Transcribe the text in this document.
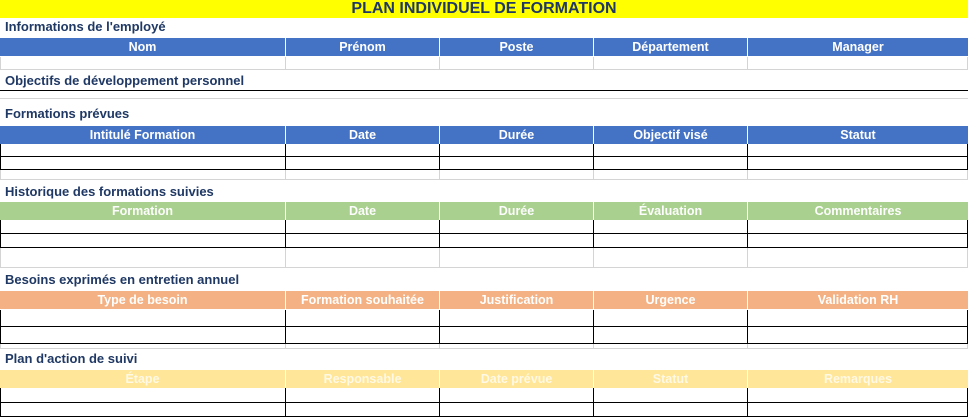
PLAN INDIVIDUEL DE FORMATION
Informations de l'employé
Nom	Prénom	Poste	Département	Manager
Objectifs de développement personnel
Formations prévues
Intitulé Formation	Date	Durée	Objectif visé	Statut
Historique des formations suivies
Formation	Date	Durée	Évaluation	Commentaires
Besoins exprimés en entretien annuel
Type de besoin	Formation souhaitée	Justification	Urgence	Validation RH
Plan d'action de suivi
Étape	Responsable	Date prévue	Statut	Remarques
